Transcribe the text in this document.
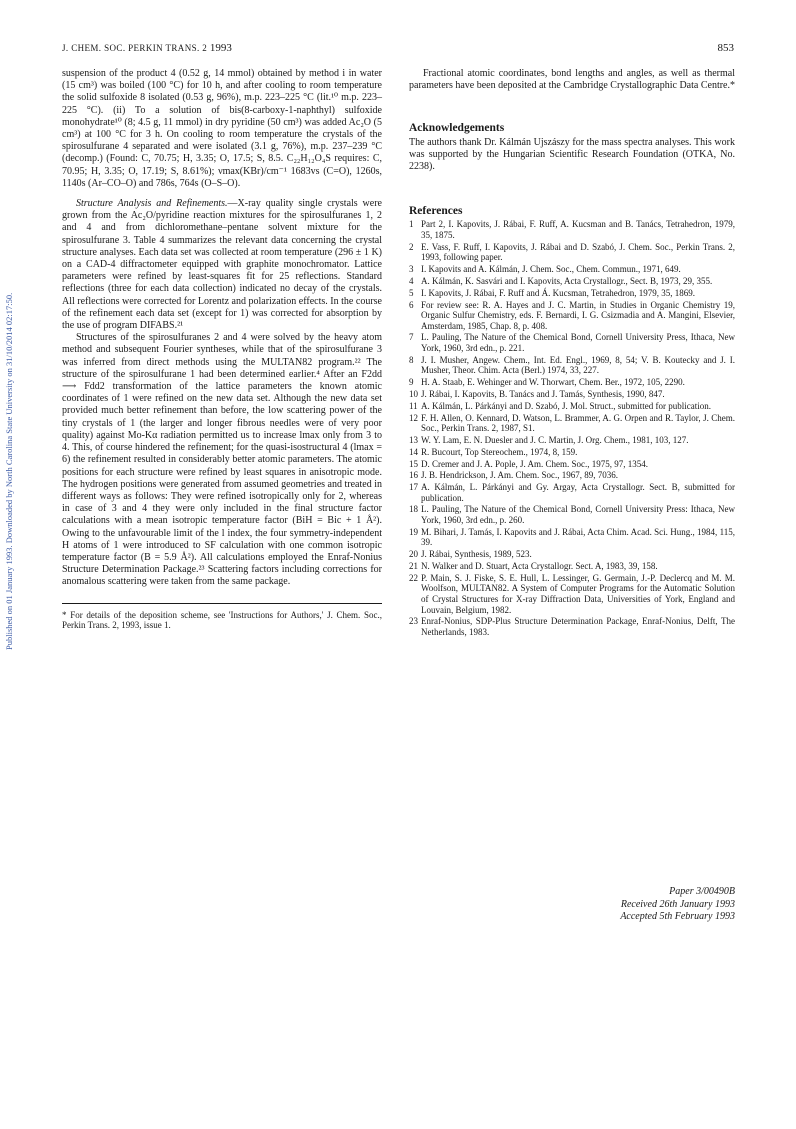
Published on 01 January 1993. Downloaded by North Carolina State University on 31/10/2014 02:17:50.
J. CHEM. SOC. PERKIN TRANS. 2 1993	853

suspension of the product 4 (0.52 g, 14 mmol) obtained by method i in water (15 cm³) was boiled (100 °C) for 10 h, and after cooling to room temperature the solid sulfoxide 8 isolated (0.53 g, 96%), m.p. 223–225 °C (lit.¹⁰ m.p. 223–225 °C). (ii) To a solution of bis(8-carboxy-1-naphthyl) sulfoxide monohydrate¹⁰ (8; 4.5 g, 11 mmol) in dry pyridine (50 cm³) was added Ac₂O (5 cm³) at 100 °C for 3 h. On cooling to room temperature the crystals of the spirosulfurane 4 separated and were isolated (3.1 g, 76%), m.p. 237–239 °C (decomp.) (Found: C, 70.75; H, 3.35; O, 17.5; S, 8.5. C₂₂H₁₂O₄S requires: C, 70.95; H, 3.35; O, 17.19; S, 8.61%); νmax(KBr)/cm⁻¹ 1683vs (C=O), 1260s, 1140s (Ar–CO–O) and 786s, 764s (O–S–O).

Structure Analysis and Refinements.—X-ray quality single crystals were grown from the Ac₂O/pyridine reaction mixtures for the spirosulfuranes 1, 2 and 4 and from dichloromethane–pentane solvent mixture for the spirosulfurane 3. Table 4 summarizes the relevant data concerning the crystal structure analyses. Each data set was collected at room temperature (296 ± 1 K) on a CAD-4 diffractometer equipped with graphite monochromator. Lattice parameters were refined by least-squares fit for 25 reflections. Standard reflections (three for each data collection) indicated no decay of the crystals. All reflections were corrected for Lorentz and polarization effects. In the course of the refinement each data set (except for 1) was corrected for absorption by the use of program DIFABS.²¹

Structures of the spirosulfuranes 2 and 4 were solved by the heavy atom method and subsequent Fourier syntheses, while that of the spirosulfurane 3 was inferred from direct methods using the MULTAN82 program.²² The structure of the spirosulfurane 1 had been determined earlier.⁴ After an F2dd ⟶ Fdd2 transformation of the lattice parameters the known atomic coordinates of 1 were refined on the new data set. Although the new data set provided much better refinement than before, the low scattering power of the tiny crystals of 1 (the larger and longer fibrous needles were of very poor quality) against Mo-Kα radiation permitted us to increase lmax only from 3 to 4. This, of course hindered the refinement; for the quasi-isostructural 4 (lmax = 6) the refinement resulted in considerably better atomic parameters. The atomic positions for each structure were refined by least squares in anisotropic mode. The hydrogen positions were generated from assumed geometries and treated in different ways as follows: They were refined isotropically only for 2, whereas in case of 3 and 4 they were only included in the final structure factor calculations with a mean isotropic temperature factor (BiH = Bic + 1 Å²). Owing to the unfavourable limit of the l index, the four symmetry-independent H atoms of 1 were introduced to SF calculation with one common isotropic temperature factor (B = 5.9 Å²). All calculations employed the Enraf-Nonius Structure Determination Package.²³ Scattering factors including corrections for anomalous scattering were taken from the same package.

* For details of the deposition scheme, see 'Instructions for Authors,' J. Chem. Soc., Perkin Trans. 2, 1993, issue 1.

Fractional atomic coordinates, bond lengths and angles, as well as thermal parameters have been deposited at the Cambridge Crystallographic Data Centre.*

Acknowledgements

The authors thank Dr. Kálmán Ujszászy for the mass spectra analyses. This work was supported by the Hungarian Scientific Research Foundation (OTKA, No. 2238).

References
1 Part 2, I. Kapovits, J. Rábai, F. Ruff, A. Kucsman and B. Tanács, Tetrahedron, 1979, 35, 1875.
2 E. Vass, F. Ruff, I. Kapovits, J. Rábai and D. Szabó, J. Chem. Soc., Perkin Trans. 2, 1993, following paper.
3 I. Kapovits and A. Kálmán, J. Chem. Soc., Chem. Commun., 1971, 649.
4 A. Kálmán, K. Sasvári and I. Kapovits, Acta Crystallogr., Sect. B, 1973, 29, 355.
5 I. Kapovits, J. Rábai, F. Ruff and Á. Kucsman, Tetrahedron, 1979, 35, 1869.
6 For review see: R. A. Hayes and J. C. Martin, in Studies in Organic Chemistry 19, Organic Sulfur Chemistry, eds. F. Bernardi, I. G. Csizmadia and A. Mangini, Elsevier, Amsterdam, 1985, Chap. 8, p. 408.
7 L. Pauling, The Nature of the Chemical Bond, Cornell University Press, Ithaca, New York, 1960, 3rd edn., p. 221.
8 J. I. Musher, Angew. Chem., Int. Ed. Engl., 1969, 8, 54; V. B. Koutecky and J. I. Musher, Theor. Chim. Acta (Berl.) 1974, 33, 227.
9 H. A. Staab, E. Wehinger and W. Thorwart, Chem. Ber., 1972, 105, 2290.
10 J. Rábai, I. Kapovits, B. Tanács and J. Tamás, Synthesis, 1990, 847.
11 A. Kálmán, L. Párkányi and D. Szabó, J. Mol. Struct., submitted for publication.
12 F. H. Allen, O. Kennard, D. Watson, L. Brammer, A. G. Orpen and R. Taylor, J. Chem. Soc., Perkin Trans. 2, 1987, S1.
13 W. Y. Lam, E. N. Duesler and J. C. Martin, J. Org. Chem., 1981, 103, 127.
14 R. Bucourt, Top Stereochem., 1974, 8, 159.
15 D. Cremer and J. A. Pople, J. Am. Chem. Soc., 1975, 97, 1354.
16 J. B. Hendrickson, J. Am. Chem. Soc., 1967, 89, 7036.
17 A. Kálmán, L. Párkányi and Gy. Argay, Acta Crystallogr. Sect. B, submitted for publication.
18 L. Pauling, The Nature of the Chemical Bond, Cornell University Press: Ithaca, New York, 1960, 3rd edn., p. 260.
19 M. Bihari, J. Tamás, I. Kapovits and J. Rábai, Acta Chim. Acad. Sci. Hung., 1984, 115, 39.
20 J. Rábai, Synthesis, 1989, 523.
21 N. Walker and D. Stuart, Acta Crystallogr. Sect. A, 1983, 39, 158.
22 P. Main, S. J. Fiske, S. E. Hull, L. Lessinger, G. Germain, J.-P. Declercq and M. M. Woolfson, MULTAN82. A System of Computer Programs for the Automatic Solution of Crystal Structures for X-ray Diffraction Data, Universities of York, England and Louvain, Belgium, 1982.
23 Enraf-Nonius, SDP-Plus Structure Determination Package, Enraf-Nonius, Delft, The Netherlands, 1983.
Paper 3/00490B
Received 26th January 1993
Accepted 5th February 1993
